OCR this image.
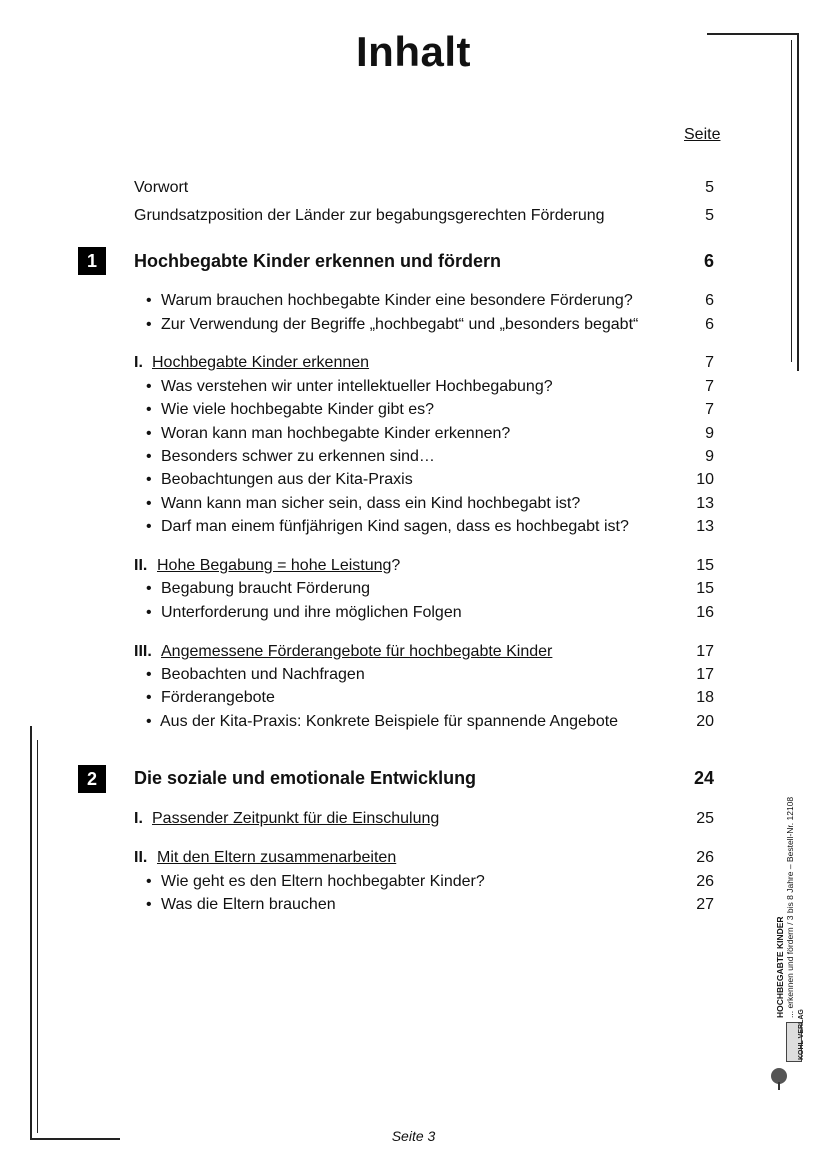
Inhalt
Seite
Vorwort	5
Grundsatzposition der Länder zur begabungsgerechten Förderung	5
1	Hochbegabte Kinder erkennen und fördern	6
• Warum brauchen hochbegabte Kinder eine besondere Förderung?	6
• Zur Verwendung der Begriffe „hochbegabt“ und „besonders begabt“	6
I. Hochbegabte Kinder erkennen	7
• Was verstehen wir unter intellektueller Hochbegabung?	7
• Wie viele hochbegabte Kinder gibt es?	7
• Woran kann man hochbegabte Kinder erkennen?	9
• Besonders schwer zu erkennen sind…	9
• Beobachtungen aus der Kita-Praxis	10
• Wann kann man sicher sein, dass ein Kind hochbegabt ist?	13
• Darf man einem fünfjährigen Kind sagen, dass es hochbegabt ist?	13
II. Hohe Begabung = hohe Leistung?	15
• Begabung braucht Förderung	15
• Unterforderung und ihre möglichen Folgen	16
III. Angemessene Förderangebote für hochbegabte Kinder	17
• Beobachten und Nachfragen	17
• Förderangebote	18
• Aus der Kita-Praxis: Konkrete Beispiele für spannende Angebote	20
2	Die soziale und emotionale Entwicklung	24
I. Passender Zeitpunkt für die Einschulung	25
II. Mit den Eltern zusammenarbeiten	26
• Wie geht es den Eltern hochbegabter Kinder?	26
• Was die Eltern brauchen	27
HOCHBEGABTE KINDER ... erkennen und fördern / 3 bis 8 Jahre – Bestell-Nr. 12108
KOHL VERLAG
Seite 3
